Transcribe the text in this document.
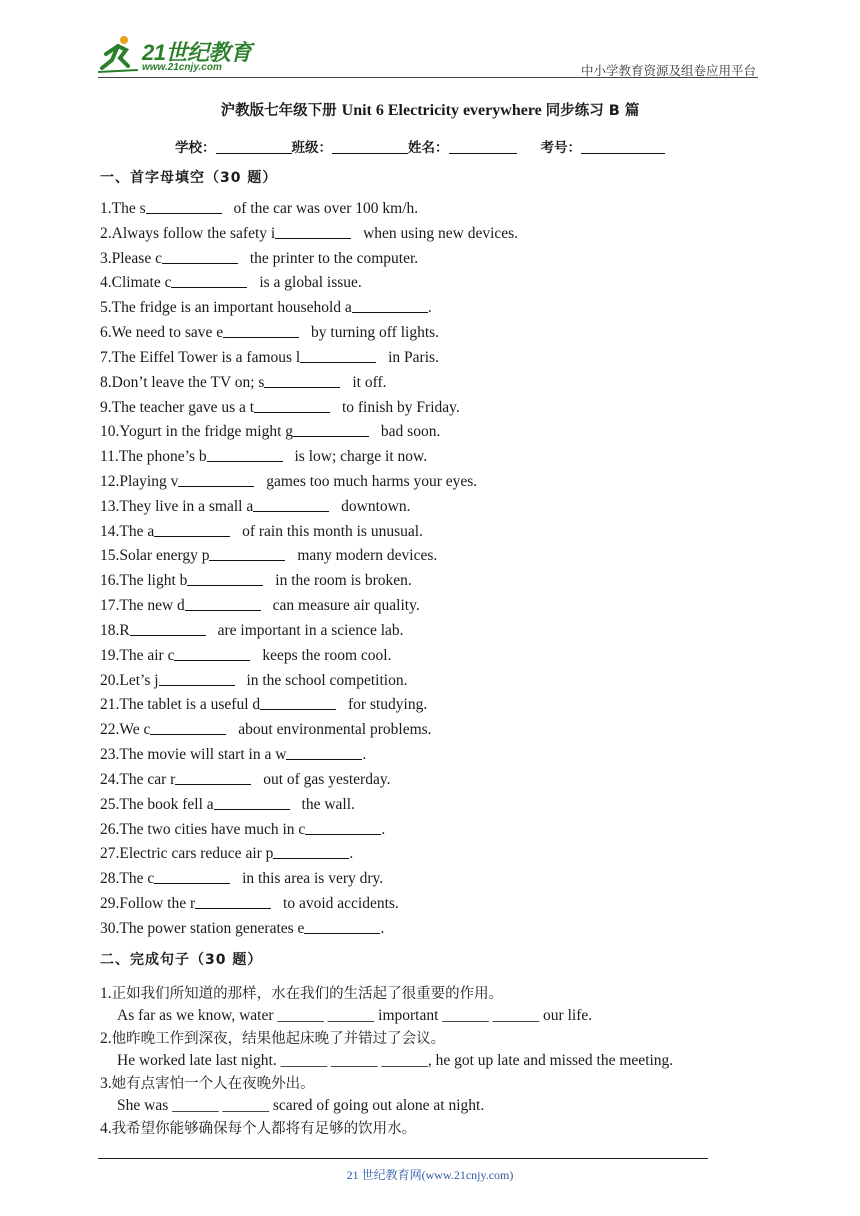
21世纪教育
www.21cnjy.com	中小学教育资源及组卷应用平台
沪教版七年级下册 Unit 6 Electricity everywhere 同步练习 B 篇
学校：	班级：	姓名：	考号：
一、首字母填空（30 题）
1.The s	of the car was over 100 km/h.
2.Always follow the safety i	when using new devices.
3.Please c	the printer to the computer.
4.Climate c	is a global issue.
5.The fridge is an important household a	.
6.We need to save e	by turning off lights.
7.The Eiffel Tower is a famous l	in Paris.
8.Don’t leave the TV on; s	it off.
9.The teacher gave us a t	to finish by Friday.
10.Yogurt in the fridge might g	bad soon.
11.The phone’s b	is low; charge it now.
12.Playing v	games too much harms your eyes.
13.They live in a small a	downtown.
14.The a	of rain this month is unusual.
15.Solar energy p	many modern devices.
16.The light b	in the room is broken.
17.The new d	can measure air quality.
18.R	are important in a science lab.
19.The air c	keeps the room cool.
20.Let’s j	in the school competition.
21.The tablet is a useful d	for studying.
22.We c	about environmental problems.
23.The movie will start in a w	.
24.The car r	out of gas yesterday.
25.The book fell a	the wall.
26.The two cities have much in c	.
27.Electric cars reduce air p	.
28.The c	in this area is very dry.
29.Follow the r	to avoid accidents.
30.The power station generates e	.
二、完成句子（30 题）
1.正如我们所知道的那样，水在我们的生活起了很重要的作用。
As far as we know, water ______ ______ important ______ ______ our life.
2.他昨晚工作到深夜，结果他起床晚了并错过了会议。
He worked late last night. ______ ______ ______, he got up late and missed the meeting.
3.她有点害怕一个人在夜晚外出。
She was ______ ______ scared of going out alone at night.
4.我希望你能够确保每个人都将有足够的饮用水。
21 世纪教育网(www.21cnjy.com)
